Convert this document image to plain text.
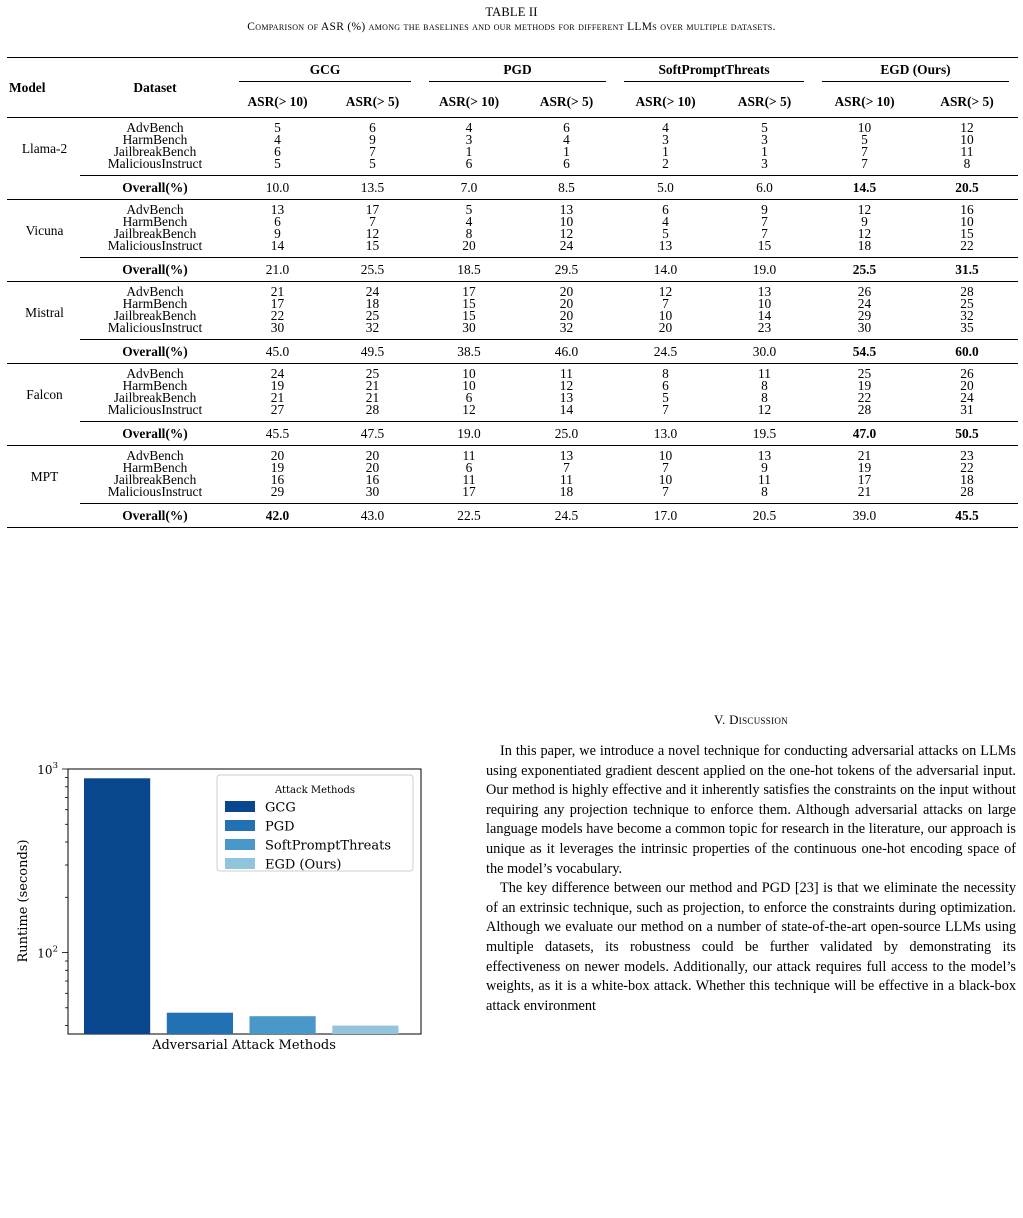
TABLE II
Comparison of ASR (%) among the baselines and our methods for different LLMs over multiple datasets.
Model	Dataset	GCG		PGD		SoftPromptThreats		EGD (Ours)	

		ASR(> 10)	ASR(> 5)	ASR(> 10)	ASR(> 5)	ASR(> 10)	ASR(> 5)	ASR(> 10)	ASR(> 5)
Llama-2	AdvBench	5	6	4	6	4	5	10	12
	HarmBench	4	9	3	4	3	3	5	10
	JailbreakBench	6	7	1	1	1	1	7	11
	MaliciousInstruct	5	5	6	6	2	3	7	8
	Overall(%)	10.0	13.5	7.0	8.5	5.0	6.0	14.5	20.5
Vicuna	AdvBench	13	17	5	13	6	9	12	16
	HarmBench	6	7	4	10	4	7	9	10
	JailbreakBench	9	12	8	12	5	7	12	15
	MaliciousInstruct	14	15	20	24	13	15	18	22
	Overall(%)	21.0	25.5	18.5	29.5	14.0	19.0	25.5	31.5
Mistral	AdvBench	21	24	17	20	12	13	26	28
	HarmBench	17	18	15	20	7	10	24	25
	JailbreakBench	22	25	15	20	10	14	29	32
	MaliciousInstruct	30	32	30	32	20	23	30	35
	Overall(%)	45.0	49.5	38.5	46.0	24.5	30.0	54.5	60.0
Falcon	AdvBench	24	25	10	11	8	11	25	26
	HarmBench	19	21	10	12	6	8	19	20
	JailbreakBench	21	21	6	13	5	8	22	24
	MaliciousInstruct	27	28	12	14	7	12	28	31
	Overall(%)	45.5	47.5	19.0	25.0	13.0	19.5	47.0	50.5
MPT	AdvBench	20	20	11	13	10	13	21	23
	HarmBench	19	20	6	7	7	9	19	22
	JailbreakBench	16	16	11	11	10	11	17	18
	MaliciousInstruct	29	30	17	18	7	8	21	28
	Overall(%)	42.0	43.0	22.5	24.5	17.0	20.5	39.0	45.5
$10^2$
$10^3$
Adversarial Attack Methods
Runtime (seconds)
Attack Methods
GCG
PGD
SoftPromptThreats
EGD (Ours)
V. Discussion

In this paper, we introduce a novel technique for conducting adversarial attacks on LLMs using exponentiated gradient descent applied on the one-hot tokens of the adversarial input. Our method is highly effective and it inherently satisfies the constraints on the input without requiring any projection technique to enforce them. Although adversarial attacks on large language models have become a common topic for research in the literature, our approach is unique as it leverages the intrinsic properties of the continuous one-hot encoding space of the model’s vocabulary.

The key difference between our method and PGD [23] is that we eliminate the necessity of an extrinsic technique, such as projection, to enforce the constraints during optimization. Although we evaluate our method on a number of state-of-the-art open-source LLMs using multiple datasets, its robustness could be further validated by demonstrating its effectiveness on newer models. Additionally, our attack requires full access to the model’s weights, as it is a white-box attack. Whether this technique will be effective in a black-box attack environment
